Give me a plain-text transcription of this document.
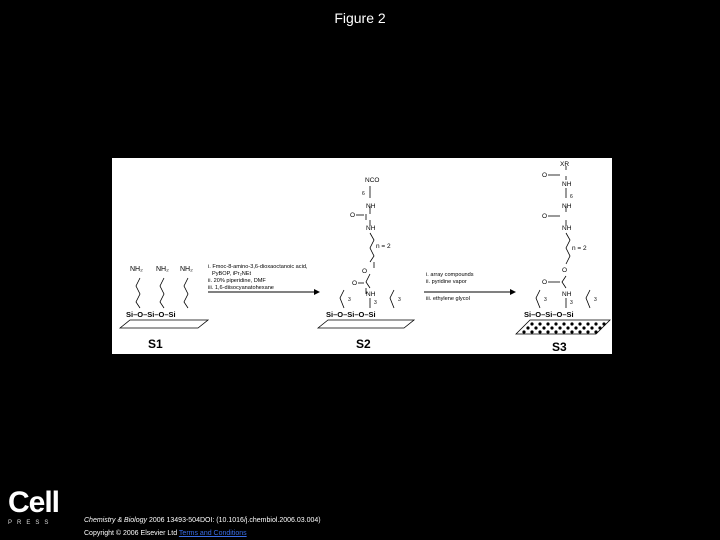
Figure 2
NH₂ NH₂ NH₂
Si–O–Si–O–Si
S1
i. Fmoc-8-amino-3,6-dioxaoctanoic acid,
PyBOP, iPr₂NEt
ii. 20% piperidine, DMF
iii. 1,6-diisocyanatohexane
NCO
6
NH
O
NH
n = 2
O
O
NH
3	3	3
Si–O–Si–O–Si
S2
i. array compounds
ii. pyridine vapor
iii. ethylene glycol
XR
O
NH
6
NH
O
NH
n = 2
O
O
NH
3	3	3
Si–O–Si–O–Si
S3
Cell
PRESS	Chemistry & Biology 2006 13493-504DOI: (10.1016/j.chembiol.2006.03.004)
Copyright © 2006 Elsevier Ltd Terms and Conditions
